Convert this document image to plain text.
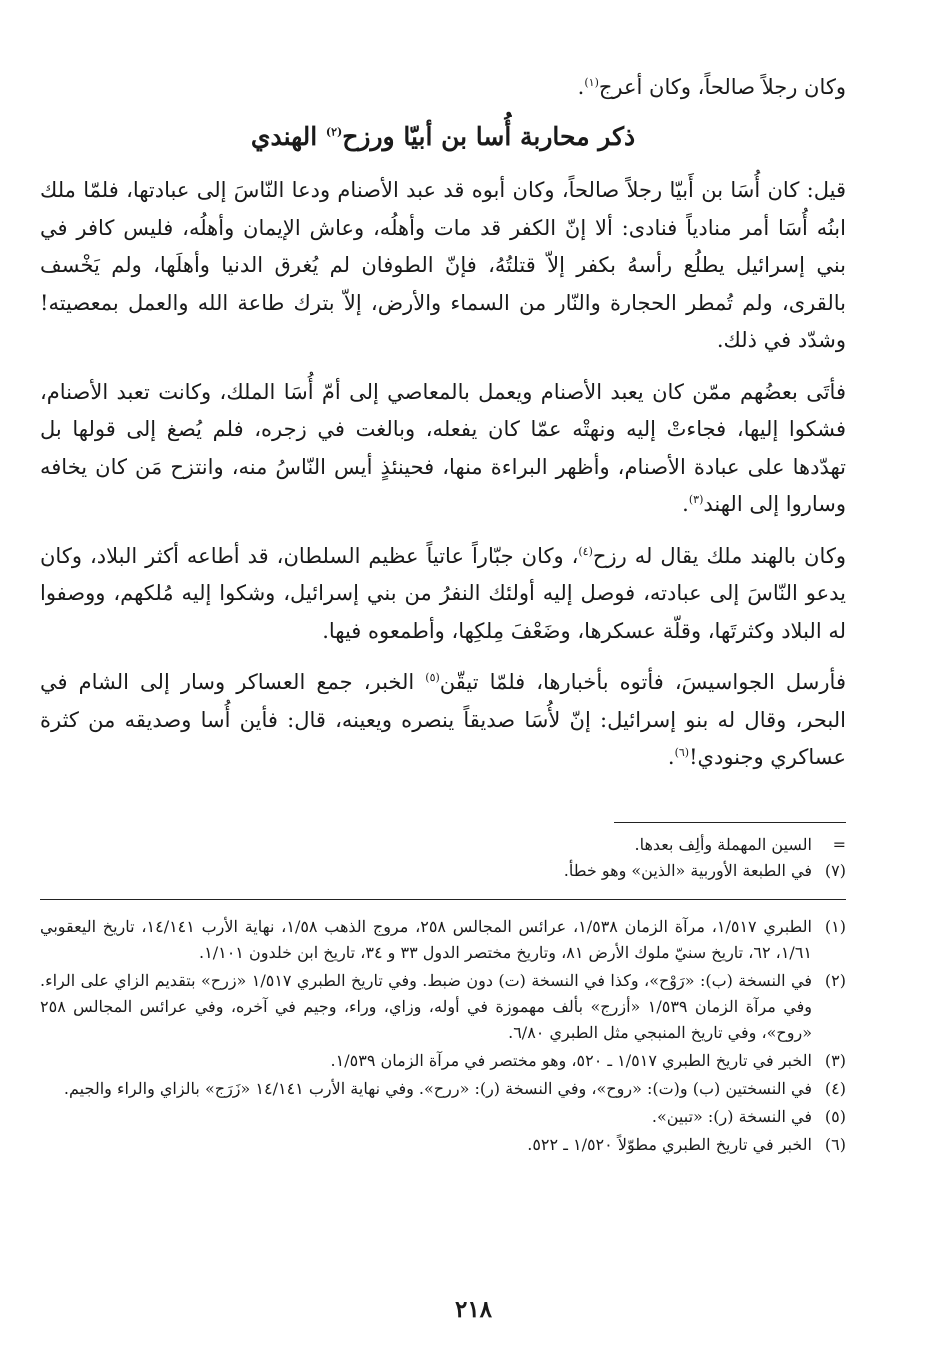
وكان رجلاً صالحاً، وكان أعرج$^{(١)}$.

ذكر محاربة أُسا بن أبيّا ورزح$^{(٢)}$ الهندي

قيل: كان أُسَا بن أَبيّا رجلاً صالحاً، وكان أبوه قد عبد الأصنام ودعا النّاسَ إلى عبادتها، فلمّا ملك ابنُه أُسَا أمر منادياً فنادى: ألا إنّ الكفر قد مات وأهلُه، وعاش الإيمان وأهلُه، فليس كافر في بني إسرائيل يطلُع رأسهُ بكفر إلاّ قتلتُهُ، فإنّ الطوفان لم يُغرق الدنيا وأهلَها، ولم يَخْسف بالقرى، ولم تُمطر الحجارة والنّار من السماء والأرض، إلاّ بترك طاعة الله والعمل بمعصيته! وشدّد في ذلك.

فأتَى بعضُهم ممّن كان يعبد الأصنام ويعمل بالمعاصي إلى أمّ أُسَا الملك، وكانت تعبد الأصنام، فشكوا إليها، فجاءتْ إليه ونهتْه عمّا كان يفعله، وبالغت في زجره، فلم يُصغ إلى قولها بل تهدّدها على عبادة الأصنام، وأظهر البراءة منها، فحينئذٍ أيس النّاسُ منه، وانتزح مَن كان يخافه وساروا إلى الهند$^{(٣)}$.

وكان بالهند ملك يقال له رزح$^{(٤)}$، وكان جبّاراً عاتياً عظيم السلطان، قد أطاعه أكثر البلاد، وكان يدعو النّاسَ إلى عبادته، فوصل إليه أولئك النفرُ من بني إسرائيل، وشكوا إليه مُلكهم، ووصفوا له البلاد وكثرتَها، وقلّة عسكرها، وضَعْفَ مِلكِها، وأطمعوه فيها.

فأرسل الجواسيسَ، فأتوه بأخبارها، فلمّا تيقّن$^{(٥)}$ الخبر، جمع العساكر وسار إلى الشام في البحر، وقال له بنو إسرائيل: إنّ لأُسَا صديقاً ينصره ويعينه، قال: فأين أُسا وصديقه من كثرة عساكري وجنودي!$^{(٦)}$.

=
السين المهملة وألِف بعدها.
(٧)
في الطبعة الأوربية «الذين» وهو خطأ.
(١)
الطبري ١/٥١٧، مرآة الزمان ١/٥٣٨، عرائس المجالس ٢٥٨، مروج الذهب ١/٥٨، نهاية الأرب ١٤/١٤١، تاريخ اليعقوبي ١/٦١، ٦٢، تاريخ سنيّ ملوك الأرض ٨١، وتاريخ مختصر الدول ٣٣ و ٣٤، تاريخ ابن خلدون ١/١٠١.
(٢)
في النسخة (ب): «رَوْح»، وكذا في النسخة (ت) دون ضبط. وفي تاريخ الطبري ١/٥١٧ «زرح» بتقديم الزاي على الراء. وفي مرآة الزمان ١/٥٣٩ «أزرج» بألف مهموزة في أوله، وزاي، وراء، وجيم في آخره، وفي عرائس المجالس ٢٥٨ «روح»، وفي تاريخ المنبجي مثل الطبري ٦/٨٠.
(٣)
الخبر في تاريخ الطبري ١/٥١٧ ـ ٥٢٠، وهو مختصر في مرآة الزمان ١/٥٣٩.
(٤)
في النسختين (ب) و(ت): «روح»، وفي النسخة (ر): «ررح». وفي نهاية الأرب ١٤/١٤١ «زَرَج» بالزاي والراء والجيم.
(٥)
في النسخة (ر): «تبين».
(٦)
الخبر في تاريخ الطبري مطوّلاً ١/٥٢٠ ـ ٥٢٢.
٢١٨
